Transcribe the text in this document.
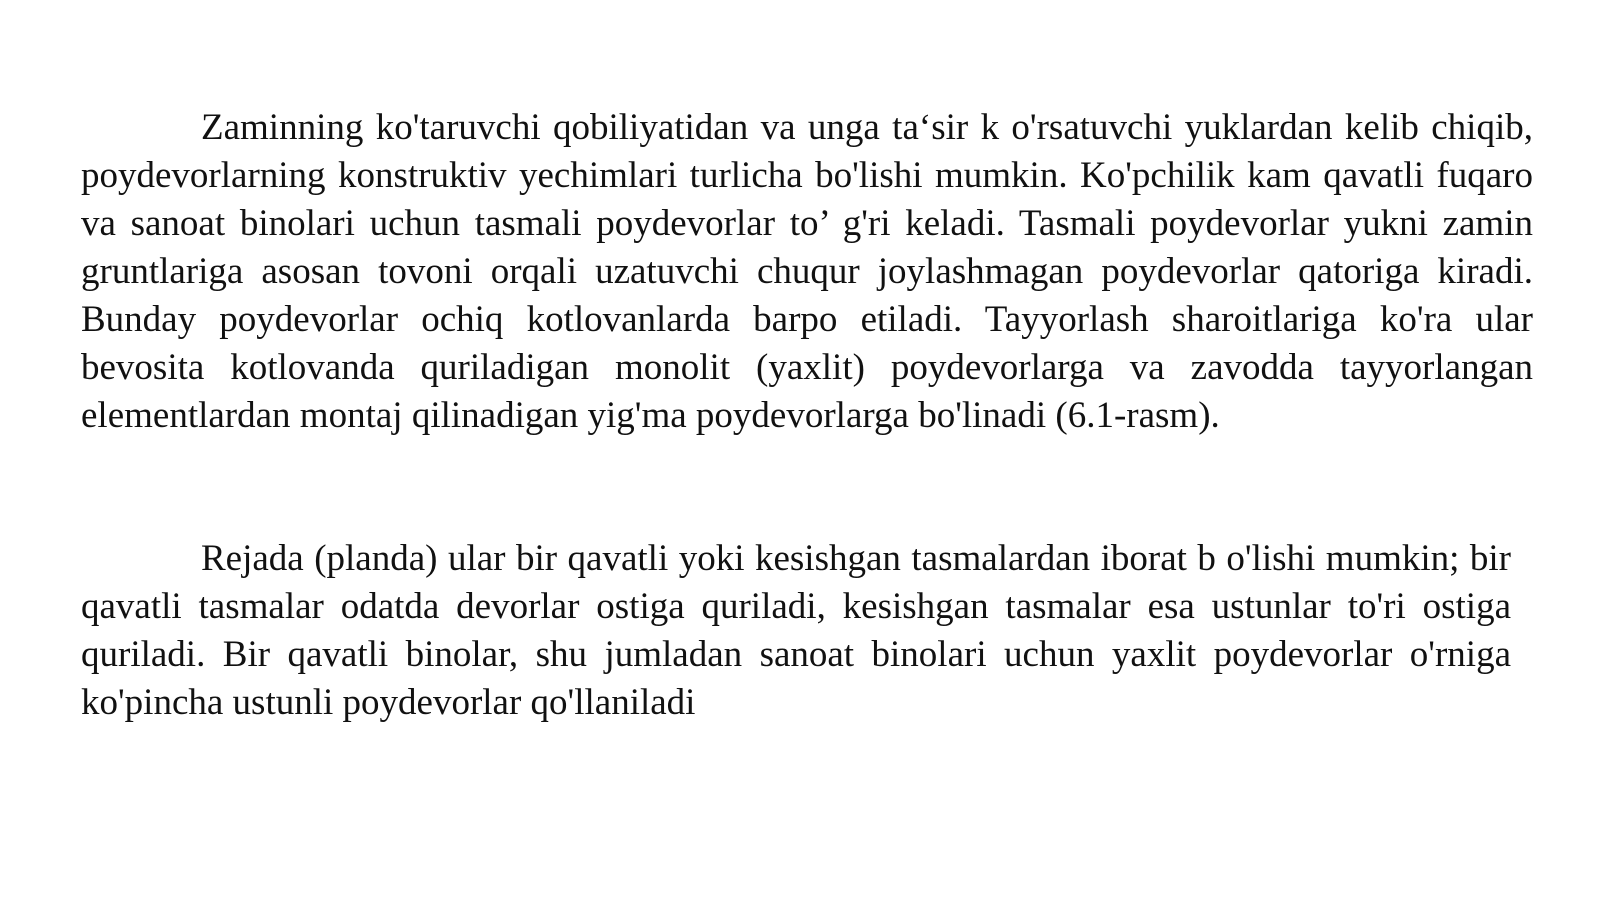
Zaminning ko'taruvchi qobiliyatidan va unga ta‘sir k o'rsatuvchi yuklardan kelib chiqib, poydevorlarning konstruktiv yechimlari turlicha bo'lishi mumkin. Ko'pchilik kam qavatli fuqaro va sanoat binolari uchun tasmali poydevorlar to’ g'ri keladi. Tasmali poydevorlar yukni zamin gruntlariga asosan tovoni orqali uzatuvchi chuqur joylashmagan poydevorlar qatoriga kiradi. Bunday poydevorlar ochiq kotlovanlarda barpo etiladi. Tayyorlash sharoitlariga ko'ra ular bevosita kotlovanda quriladigan monolit (yaxlit) poydevorlarga va zavodda tayyorlangan elementlardan montaj qilinadigan yig'ma poydevorlarga bo'linadi (6.1-rasm).

Rejada (planda) ular bir qavatli yoki kesishgan tasmalardan iborat b o'lishi mumkin; bir qavatli tasmalar odatda devorlar ostiga quriladi, kesishgan tasmalar esa ustunlar to'ri ostiga quriladi. Bir qavatli binolar, shu jumladan sanoat binolari uchun yaxlit poydevorlar o'rniga ko'pincha ustunli poydevorlar qo'llaniladi
